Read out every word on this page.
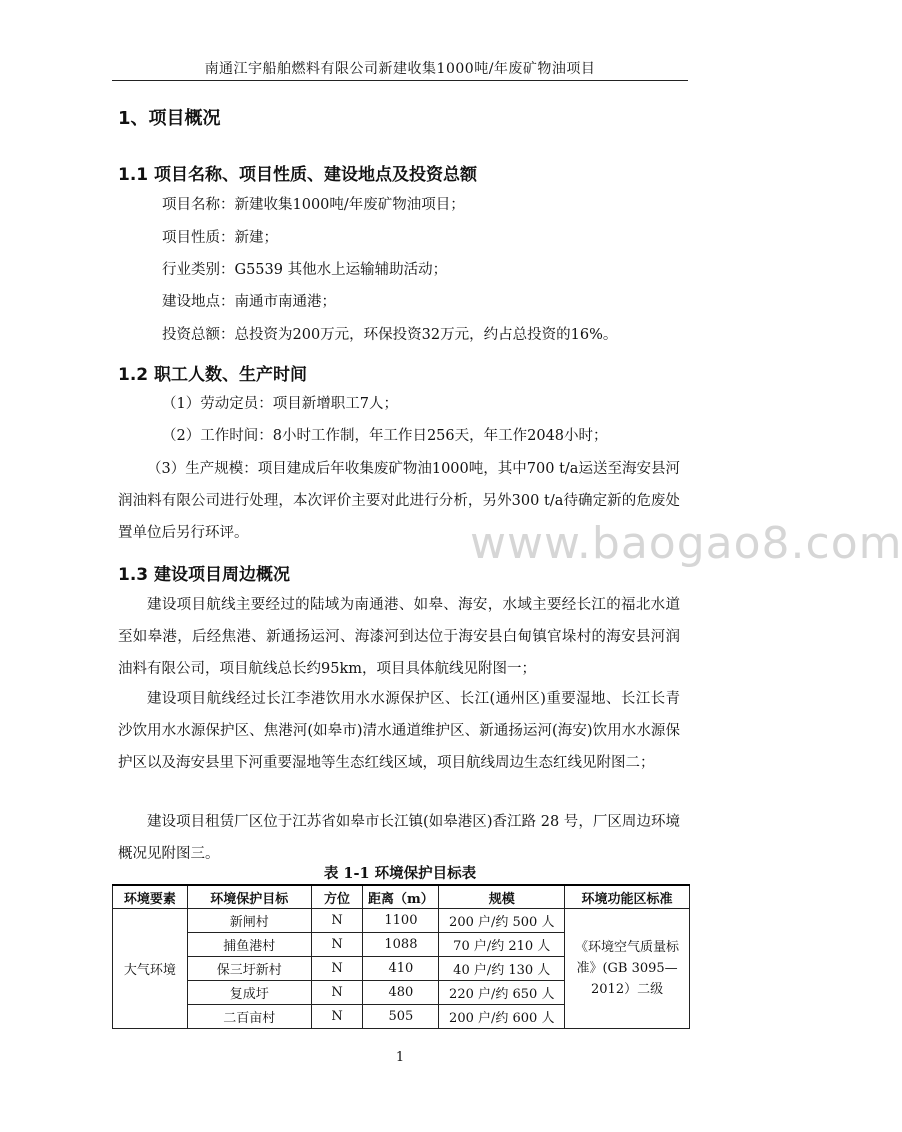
南通江宇船舶燃料有限公司新建收集1000吨/年废矿物油项目
1、项目概况
1.1 项目名称、项目性质、建设地点及投资总额
项目名称：新建收集1000吨/年废矿物油项目；
项目性质：新建；
行业类别：G5539 其他水上运输辅助活动；
建设地点：南通市南通港；
投资总额：总投资为200万元，环保投资32万元，约占总投资的16%。
1.2 职工人数、生产时间
（1）劳动定员：项目新增职工7人；
（2）工作时间：8小时工作制，年工作日256天，年工作2048小时；
（3）生产规模：项目建成后年收集废矿物油1000吨，其中700 t/a运送至海安县河润油料有限公司进行处理，本次评价主要对此进行分析，另外300 t/a待确定新的危废处置单位后另行环评。	www.baogao8.com
1.3 建设项目周边概况
建设项目航线主要经过的陆域为南通港、如皋、海安，水域主要经长江的福北水道至如皋港，后经焦港、新通扬运河、海漆河到达位于海安县白甸镇官垛村的海安县河润油料有限公司，项目航线总长约95km，项目具体航线见附图一；
建设项目航线经过长江李港饮用水水源保护区、长江(通州区)重要湿地、长江长青沙饮用水水源保护区、焦港河(如皋市)清水通道维护区、新通扬运河(海安)饮用水水源保护区以及海安县里下河重要湿地等生态红线区域，项目航线周边生态红线见附图二；
建设项目租赁厂区位于江苏省如皋市长江镇(如皋港区)香江路 28 号，厂区周边环境概况见附图三。
表 1-1 环境保护目标表
环境要素	环境保护目标	方位	距离（m）	规模	环境功能区标准
大气环境	新闸村	N	1100	200 户/约 500 人	《环境空气质量标准》(GB 3095—2012）二级
	捕鱼港村	N	1088	70 户/约 210 人	
	保三圩新村	N	410	40 户/约 130 人	
	复成圩	N	480	220 户/约 650 人	
	二百亩村	N	505	200 户/约 600 人	
1
